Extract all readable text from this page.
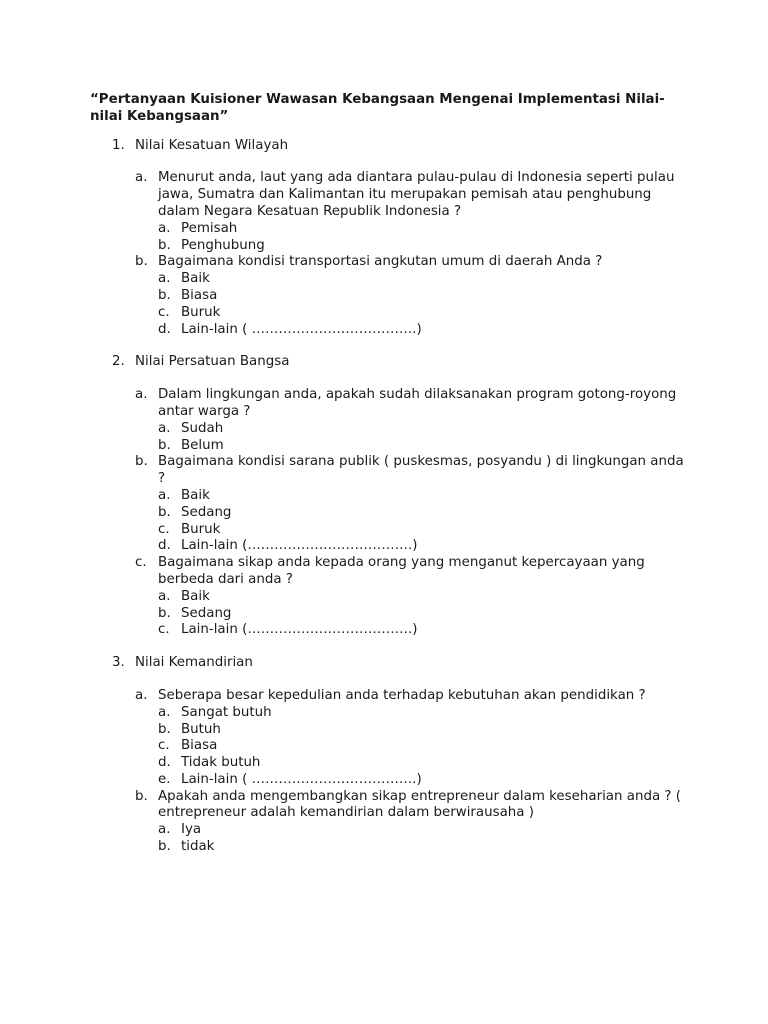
“Pertanyaan Kuisioner Wawasan Kebangsaan Mengenai Implementasi Nilai-nilai Kebangsaan”
1. Nilai Kesatuan Wilayah
a. Menurut anda, laut yang ada diantara pulau-pulau di Indonesia seperti pulau jawa, Sumatra dan Kalimantan itu merupakan pemisah atau penghubung dalam Negara Kesatuan Republik Indonesia ?
a. Pemisah
b. Penghubung
b. Bagaimana kondisi transportasi angkutan umum di daerah Anda ?
a. Baik
b. Biasa
c. Buruk
d. Lain-lain ( ……………………………….)
2. Nilai Persatuan Bangsa
a. Dalam lingkungan anda, apakah sudah dilaksanakan program gotong-royong antar warga ?
a. Sudah
b. Belum
b. Bagaimana kondisi sarana publik ( puskesmas, posyandu ) di lingkungan anda ?
a. Baik
b. Sedang
c. Buruk
d. Lain-lain (……………………………….)
c. Bagaimana sikap anda kepada orang yang menganut kepercayaan yang berbeda dari anda ?
a. Baik
b. Sedang
c. Lain-lain (……………………………….)
3. Nilai Kemandirian
a. Seberapa besar kepedulian anda terhadap kebutuhan akan pendidikan ?
a. Sangat butuh
b. Butuh
c. Biasa
d. Tidak butuh
e. Lain-lain ( ……………………………….)
b. Apakah anda mengembangkan sikap entrepreneur dalam keseharian anda ? ( entrepreneur adalah kemandirian dalam berwirausaha )
a. Iya
b. tidak
